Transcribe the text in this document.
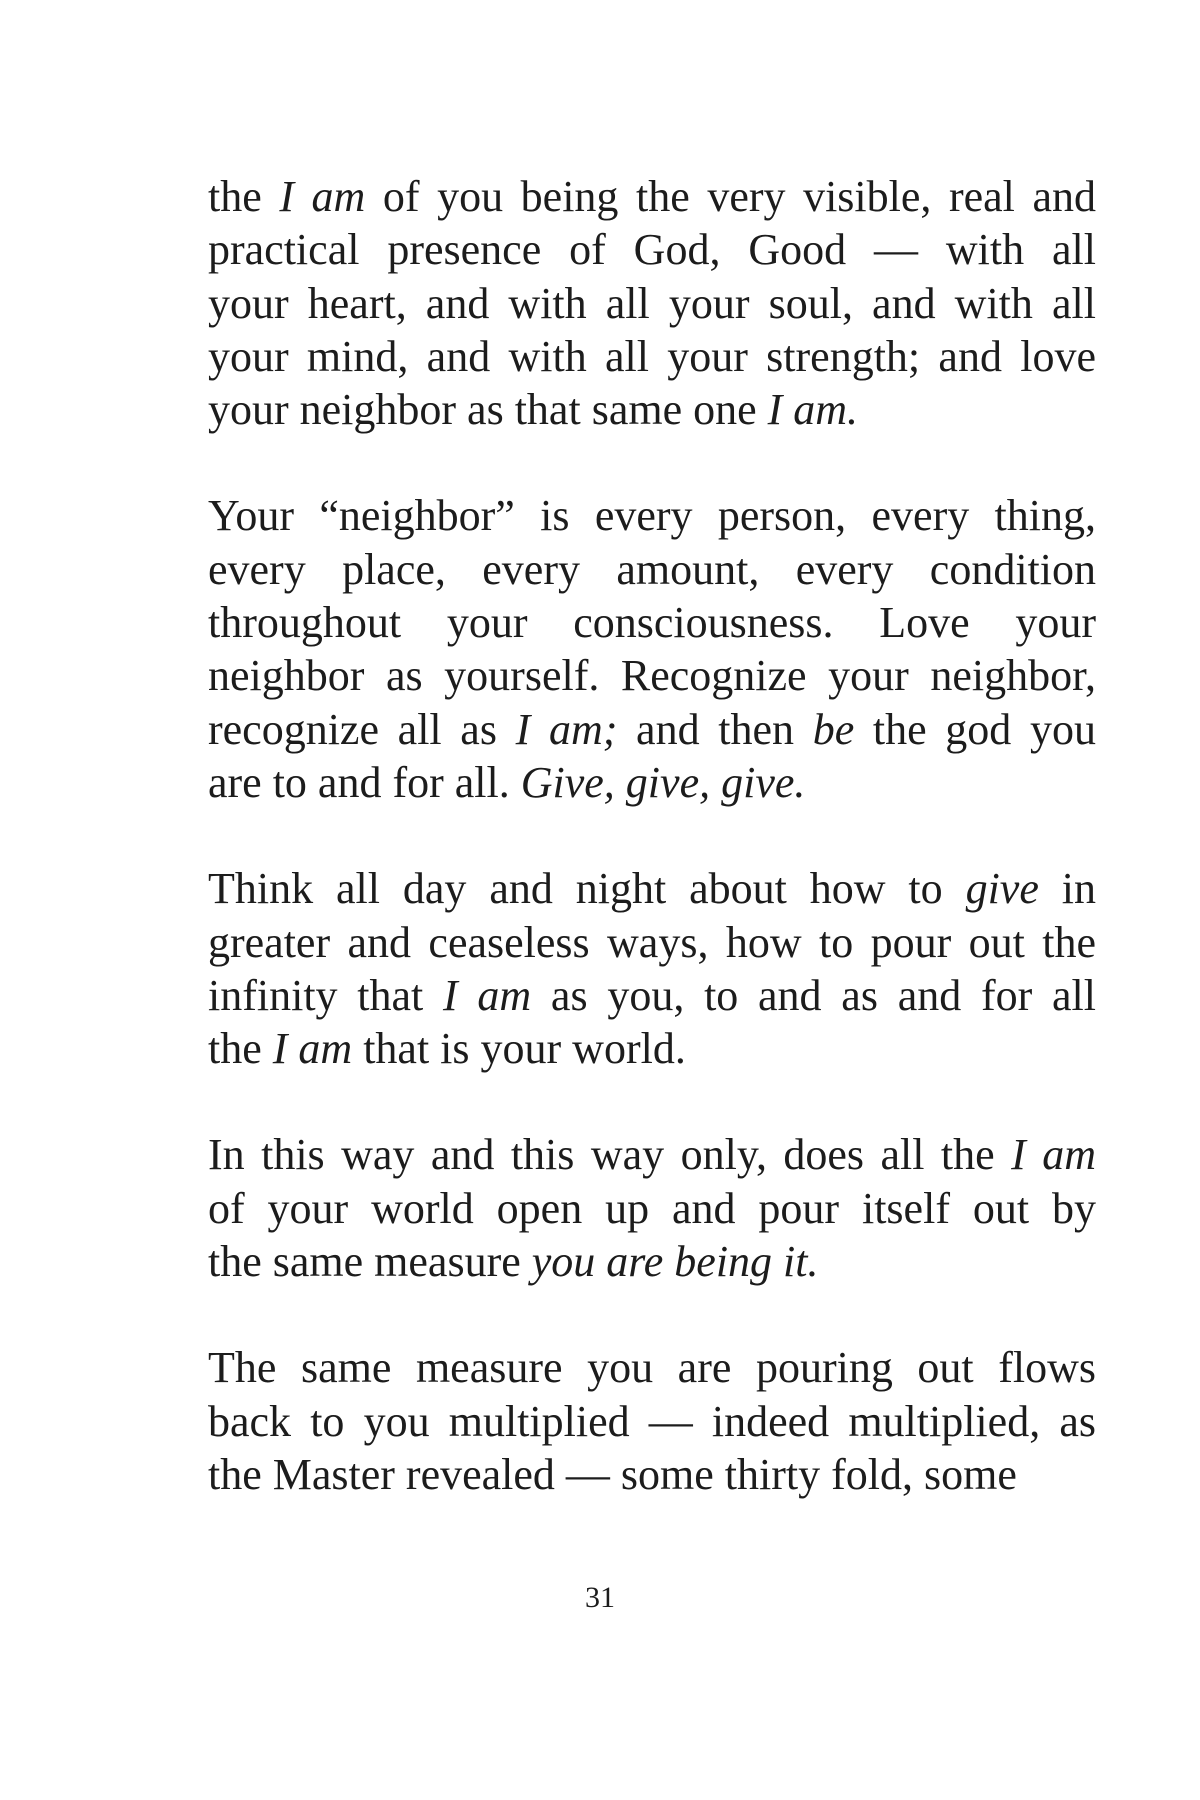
the I am of you being the very visible, real and
practical presence of God, Good — with all
your heart, and with all your soul, and with all
your mind, and with all your strength; and love
your neighbor as that same one I am.

Your “neighbor” is every person, every thing,
every place, every amount, every condition
throughout your consciousness. Love your
neighbor as yourself. Recognize your neighbor,
recognize all as I am; and then be the god you
are to and for all. Give, give, give.

Think all day and night about how to give in
greater and ceaseless ways, how to pour out the
infinity that I am as you, to and as and for all
the I am that is your world.

In this way and this way only, does all the I am
of your world open up and pour itself out by
the same measure you are being it.

The same measure you are pouring out flows
back to you multiplied — indeed multiplied, as
the Master revealed — some thirty fold, some

31
